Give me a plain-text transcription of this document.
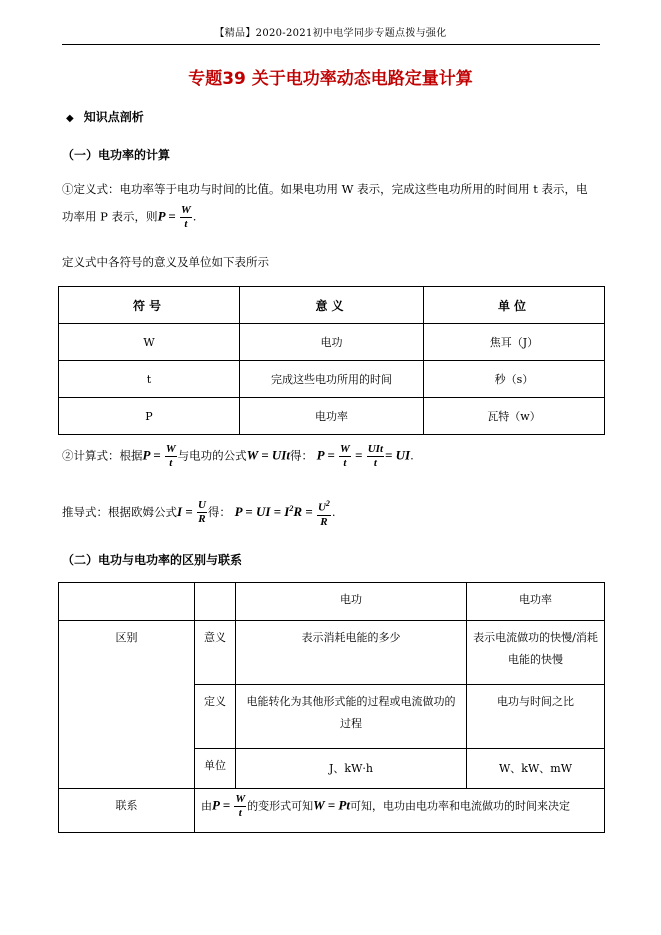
【精品】2020-2021初中电学同步专题点拨与强化
专题39 关于电功率动态电路定量计算
◆ 知识点剖析
（一）电功率的计算
①定义式：电功率等于电功与时间的比值。如果电功用 W 表示，完成这些电功所用的时间用 t 表示，电
功率用 P 表示，则$P = \frac{W}{t}$ .
定义式中各符号的意义及单位如下表所示
符号	意义	单位
W	电功	焦耳（J）
t	完成这些电功所用的时间	秒（s）
P	电功率	瓦特（w）
②计算式：根据$P = \frac{W}{t}$ 与电功的公式W = UIt得： $P = \frac{W}{t} = \frac{\text{UIt}}{t}$ = UI.
推导式：根据欧姆公式$I = \frac{U}{R}$ 得： P = UI = $I^2R = \frac{U^2}{R}$ .
（二）电功与电功率的区别与联系
		电功	电功率
区别	意义	表示消耗电能的多少	表示电流做功的快慢/消耗电能的快慢
	定义	电能转化为其他形式能的过程或电流做功的过程	电功与时间之比
	单位	J、kW·h	W、kW、mW
联系	由$P = \frac{W}{t}$ 的变形式可知W = Pt可知，电功由电功率和电流做功的时间来决定		
